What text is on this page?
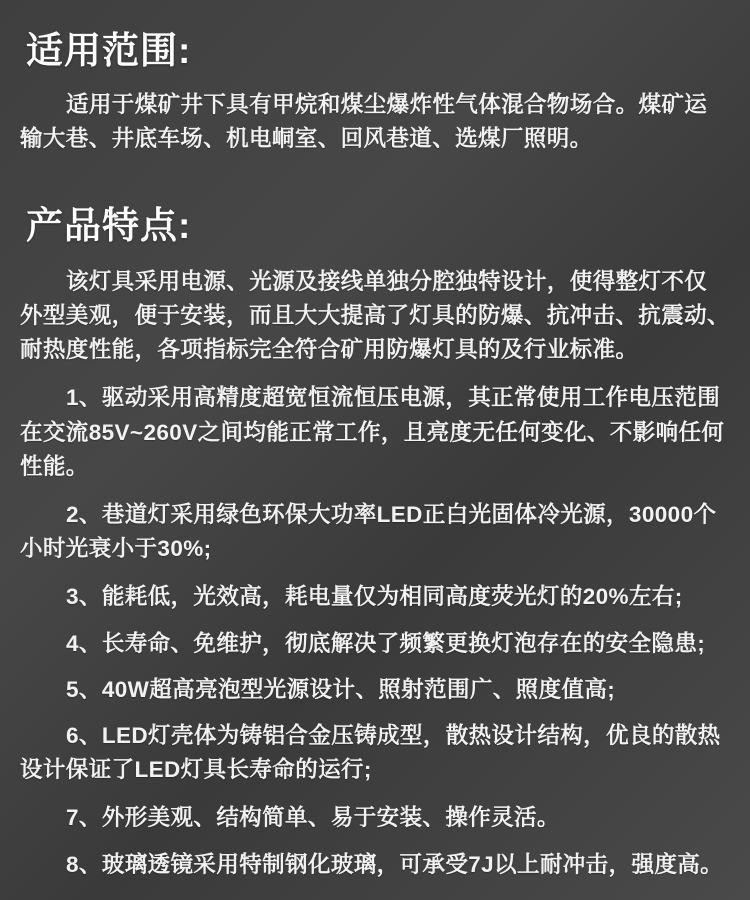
适用范围:

适用于煤矿井下具有甲烷和煤尘爆炸性气体混合物场合。煤矿运输大巷、井底车场、机电峒室、回风巷道、选煤厂照明。

产品特点:

该灯具采用电源、光源及接线单独分腔独特设计，使得整灯不仅外型美观，便于安装，而且大大提高了灯具的防爆、抗冲击、抗震动、耐热度性能，各项指标完全符合矿用防爆灯具的及行业标准。

1、驱动采用高精度超宽恒流恒压电源，其正常使用工作电压范围在交流85V~260V之间均能正常工作，且亮度无任何变化、不影响任何性能。

2、巷道灯采用绿色环保大功率LED正白光固体冷光源，30000个小时光衰小于30%;

3、能耗低，光效高，耗电量仅为相同高度荧光灯的20%左右;

4、长寿命、免维护，彻底解决了频繁更换灯泡存在的安全隐患;

5、40W超高亮泡型光源设计、照射范围广、照度值高;

6、LED灯壳体为铸铝合金压铸成型，散热设计结构，优良的散热设计保证了LED灯具长寿命的运行;

7、外形美观、结构简单、易于安装、操作灵活。

8、玻璃透镜采用特制钢化玻璃，可承受7J以上耐冲击，强度高。
